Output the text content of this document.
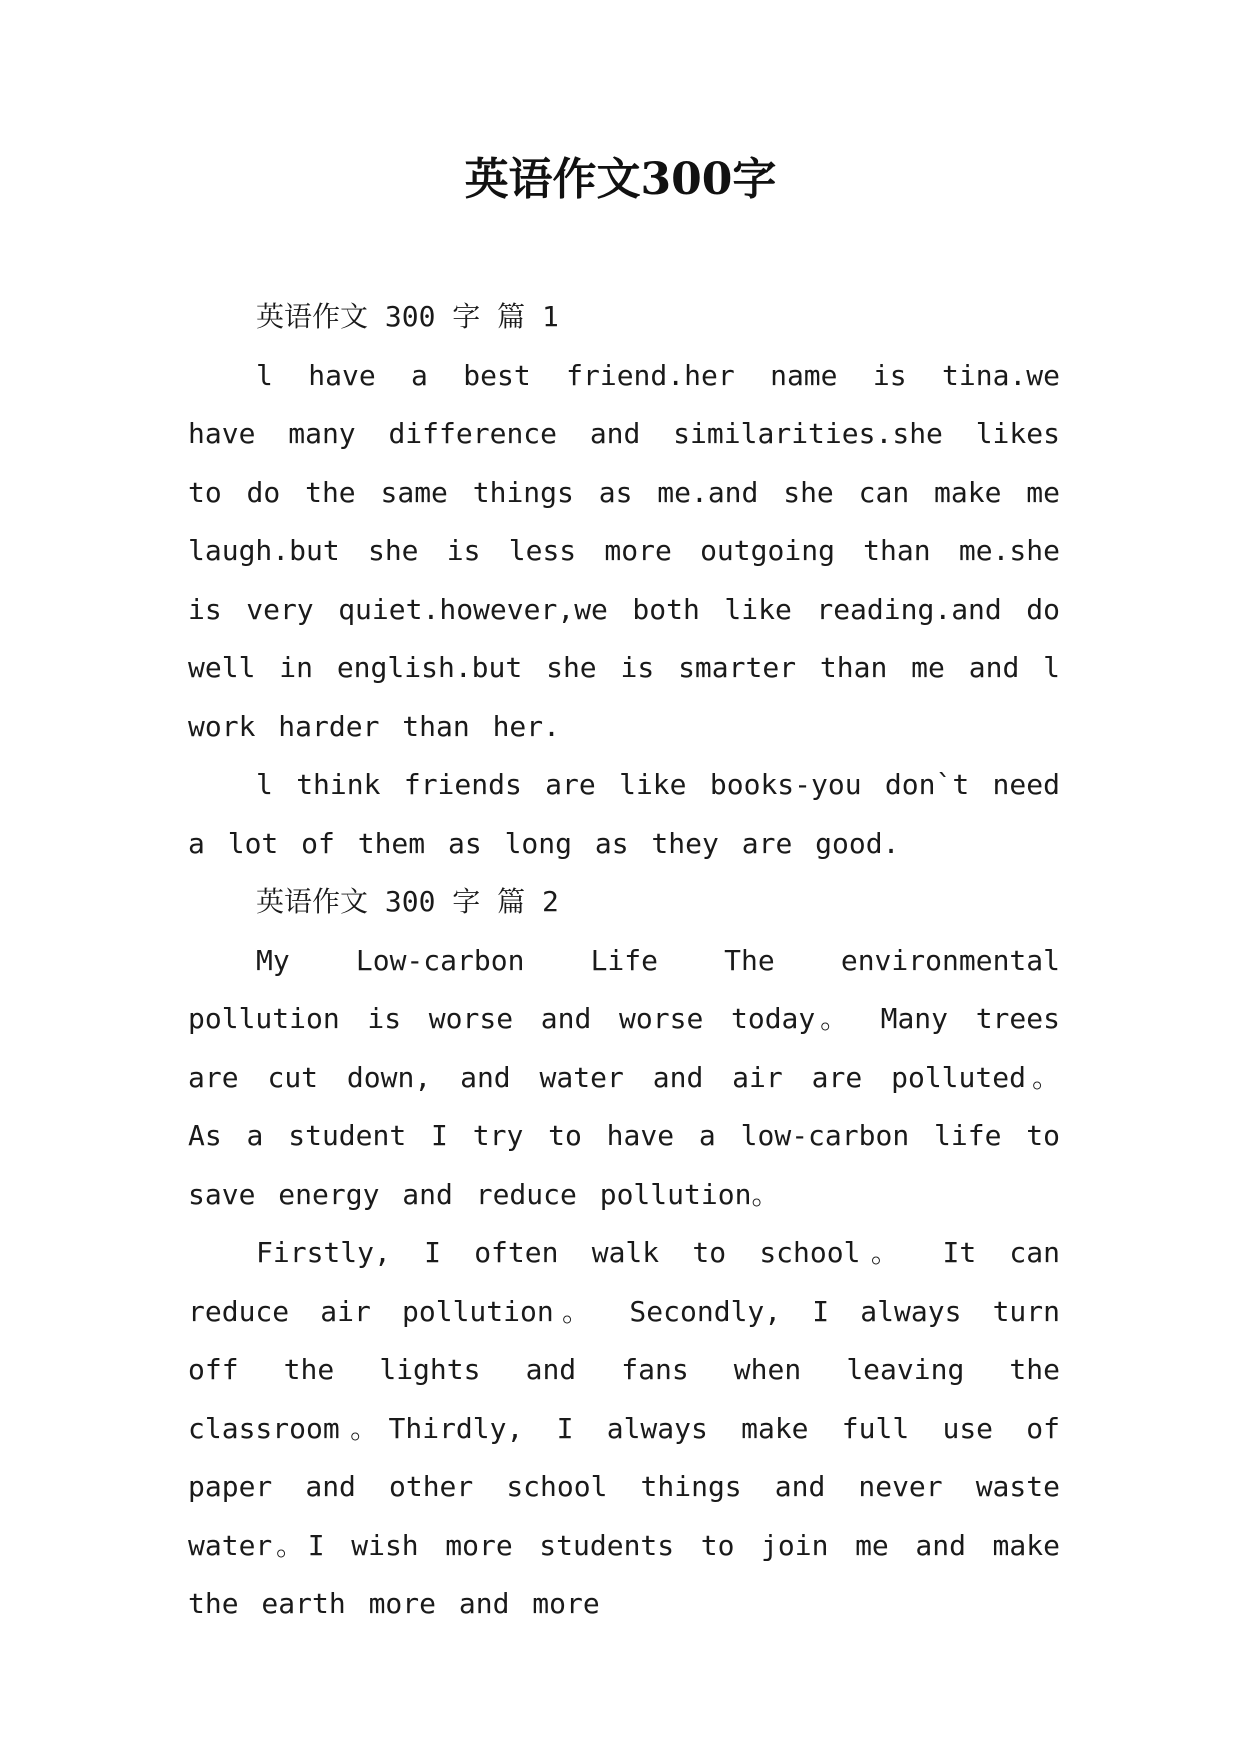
英语作文300字
英语作文 300 字 篇 1

l have a best friend.her name is tina.we have many difference and similarities.she likes to do the same things as me.and she can make me laugh.but she is less more outgoing than me.she is very quiet.however,we both like reading.and do well in english.but she is smarter than me and l work harder than her.

l think friends are like books-you don`t need a lot of them as long as they are good.

英语作文 300 字 篇 2

My Low-carbon Life The environmental pollution is worse and worse today。 Many trees are cut down, and water and air are polluted。 As a student I try to have a low-carbon life to save energy and reduce pollution。

Firstly, I often walk to school。 It can reduce air pollution。 Secondly, I always turn off the lights and fans when leaving the classroom。Thirdly, I always make full use of paper and other school things and never waste water。I wish more students to join me and make the earth more and more
